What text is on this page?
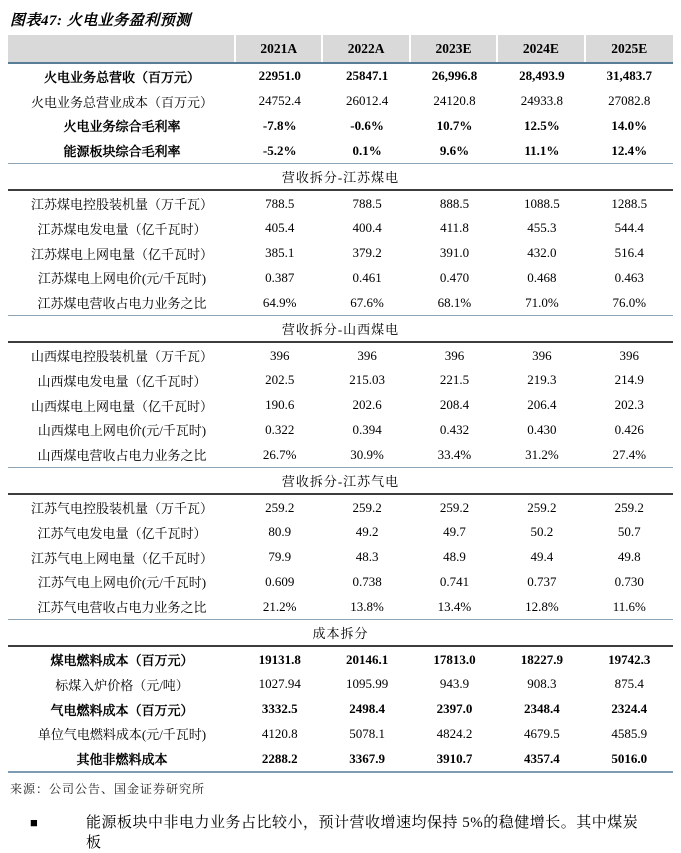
图表47: 火电业务盈利预测
2021A	2022A	2023E	2024E	2025E
火电业务总营收（百万元）	22951.0	25847.1	26,996.8	28,493.9	31,483.7
火电业务总营业成本（百万元）	24752.4	26012.4	24120.8	24933.8	27082.8
火电业务综合毛利率	-7.8%	-0.6%	10.7%	12.5%	14.0%
能源板块综合毛利率	-5.2%	0.1%	9.6%	11.1%	12.4%
营收拆分-江苏煤电
江苏煤电控股装机量（万千瓦）	788.5	788.5	888.5	1088.5	1288.5
江苏煤电发电量（亿千瓦时）	405.4	400.4	411.8	455.3	544.4
江苏煤电上网电量（亿千瓦时）	385.1	379.2	391.0	432.0	516.4
江苏煤电上网电价(元/千瓦时)	0.387	0.461	0.470	0.468	0.463
江苏煤电营收占电力业务之比	64.9%	67.6%	68.1%	71.0%	76.0%
营收拆分-山西煤电
山西煤电控股装机量（万千瓦）	396	396	396	396	396
山西煤电发电量（亿千瓦时）	202.5	215.03	221.5	219.3	214.9
山西煤电上网电量（亿千瓦时）	190.6	202.6	208.4	206.4	202.3
山西煤电上网电价(元/千瓦时)	0.322	0.394	0.432	0.430	0.426
山西煤电营收占电力业务之比	26.7%	30.9%	33.4%	31.2%	27.4%
营收拆分-江苏气电
江苏气电控股装机量（万千瓦）	259.2	259.2	259.2	259.2	259.2
江苏气电发电量（亿千瓦时）	80.9	49.2	49.7	50.2	50.7
江苏气电上网电量（亿千瓦时）	79.9	48.3	48.9	49.4	49.8
江苏气电上网电价(元/千瓦时)	0.609	0.738	0.741	0.737	0.730
江苏气电营收占电力业务之比	21.2%	13.8%	13.4%	12.8%	11.6%
成本拆分
煤电燃料成本（百万元）	19131.8	20146.1	17813.0	18227.9	19742.3
标煤入炉价格（元/吨）	1027.94	1095.99	943.9	908.3	875.4
气电燃料成本（百万元）	3332.5	2498.4	2397.0	2348.4	2324.4
单位气电燃料成本(元/千瓦时)	4120.8	5078.1	4824.2	4679.5	4585.9
其他非燃料成本	2288.2	3367.9	3910.7	4357.4	5016.0
来源：公司公告、国金证券研究所
■	能源板块中非电力业务占比较小，预计营收增速均保持 5%的稳健增长。其中煤炭板
